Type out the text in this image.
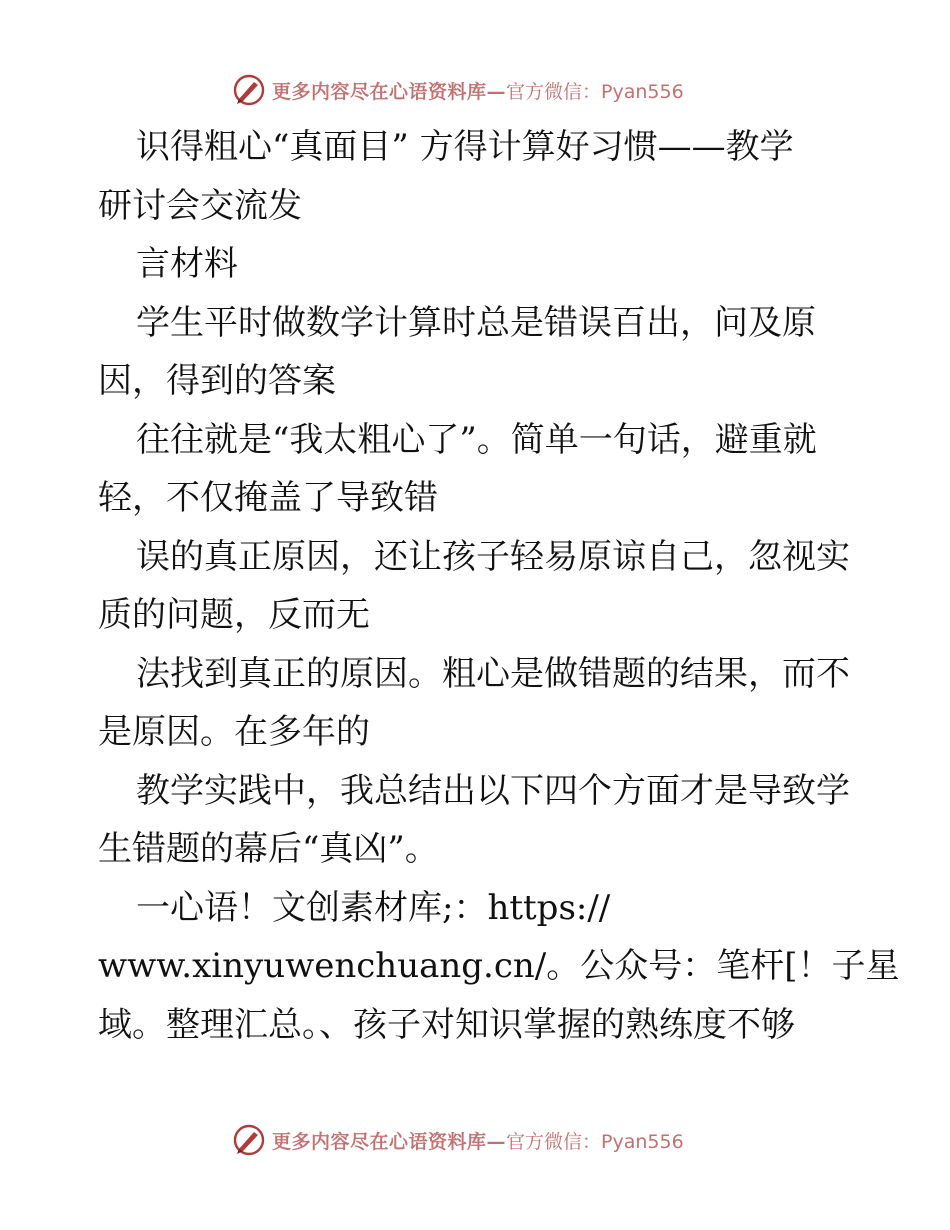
更多内容尽在心语资料库— 官方微信：Pyan556
识得粗心“真面目” 方得计算好习惯——教学
研讨会交流发
言材料
学生平时做数学计算时总是错误百出，问及原
因，得到的答案
往往就是“我太粗心了”。简单一句话，避重就
轻，不仅掩盖了导致错
误的真正原因，还让孩子轻易原谅自己，忽视实
质的问题，反而无
法找到真正的原因。粗心是做错题的结果，而不
是原因。在多年的
教学实践中，我总结出以下四个方面才是导致学
生错题的幕后“真凶”。
一心语！文创素材库;：https://
www.xinyuwenchuang.cn/。公众号：笔杆[！子星
域。整理汇总。、孩子对知识掌握的熟练度不够
更多内容尽在心语资料库— 官方微信：Pyan556
